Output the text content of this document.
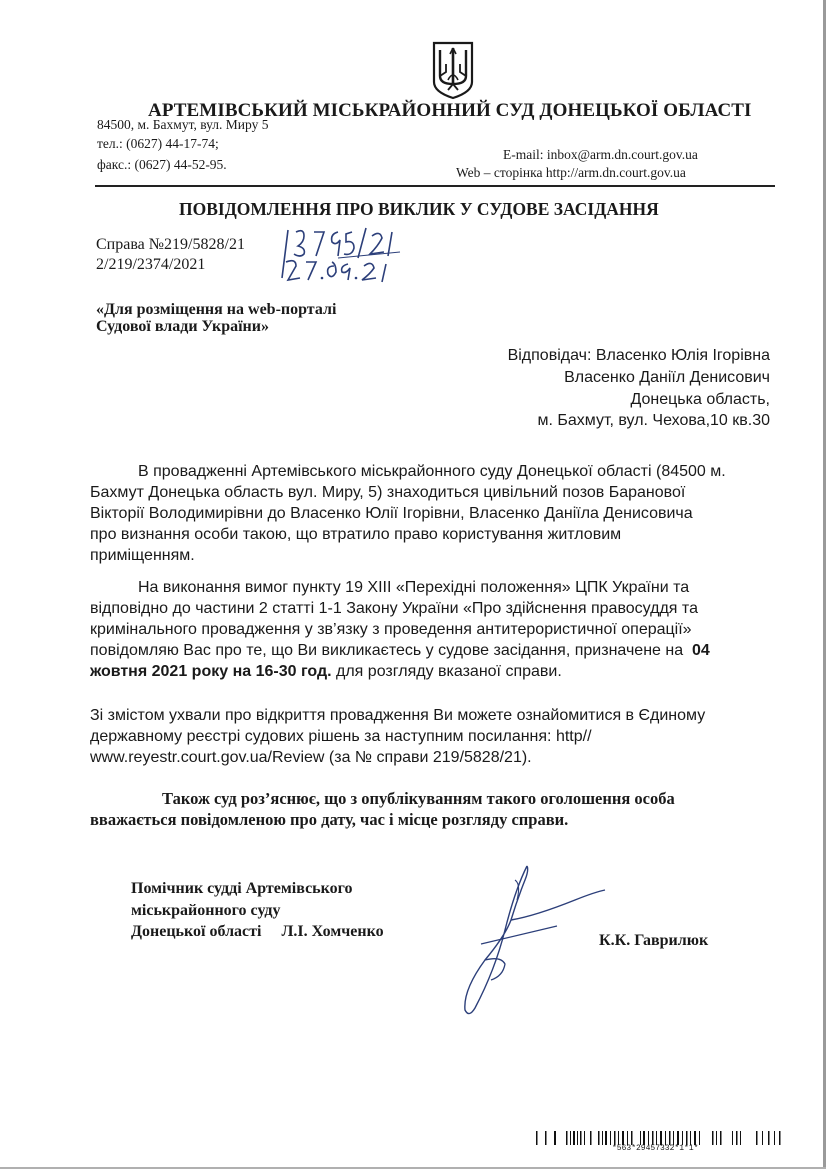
АРТЕМІВСЬКИЙ МІСЬКРАЙОННИЙ СУД ДОНЕЦЬКОЇ ОБЛАСТІ

84500, м. Бахмут, вул. Миру 5

тел.: (0627) 44-17-74;

факс.: (0627) 44-52-95.

E-mail: inbox@arm.dn.court.gov.ua

Web – сторінка http://arm.dn.court.gov.ua

ПОВІДОМЛЕННЯ ПРО ВИКЛИК У СУДОВЕ ЗАСІДАННЯ

Справа №219/5828/21

2/219/2374/2021

«Для розміщення на web-порталі

Судової влади України»

Відповідач: Власенко Юлія Ігорівна

Власенко Даніїл Денисович

Донецька область,

м. Бахмут, вул. Чехова,10 кв.30

В провадженні Артемівського міськрайонного суду Донецької області (84500 м.
Бахмут Донецька область вул. Миру, 5) знаходиться цивільний позов Баранової
Вікторії Володимирівни до Власенко Юлії Ігорівни, Власенко Даніїла Денисовича
про визнання особи такою, що втратило право користування житловим
приміщенням.
На виконання вимог пункту 19 ХІІІ «Перехідні положення» ЦПК України та
відповідно до частини 2 статті 1-1 Закону України «Про здійснення правосуддя та
кримінального провадження у зв’язку з проведення антитерористичної операції»
повідомляю Вас про те, що Ви викликаєтесь у судове засідання, призначене на 04
жовтня 2021 року на 16-30 год. для розгляду вказаної справи.
Зі змістом ухвали про відкриття провадження Ви можете ознайомитися в Єдиному
державному реєстрі судових рішень за наступним посилання: http//
www.reyestr.court.gov.ua/Review (за № справи 219/5828/21).
Також суд роз’яснює, що з опублікуванням такого оголошення особа
вважається повідомленою про дату, час і місце розгляду справи.

Помічник судді Артемівського

міськрайонного суду

Донецької області     Л.І. Хомченко

К.К. Гаврилюк

*563*29457332*1*1*
